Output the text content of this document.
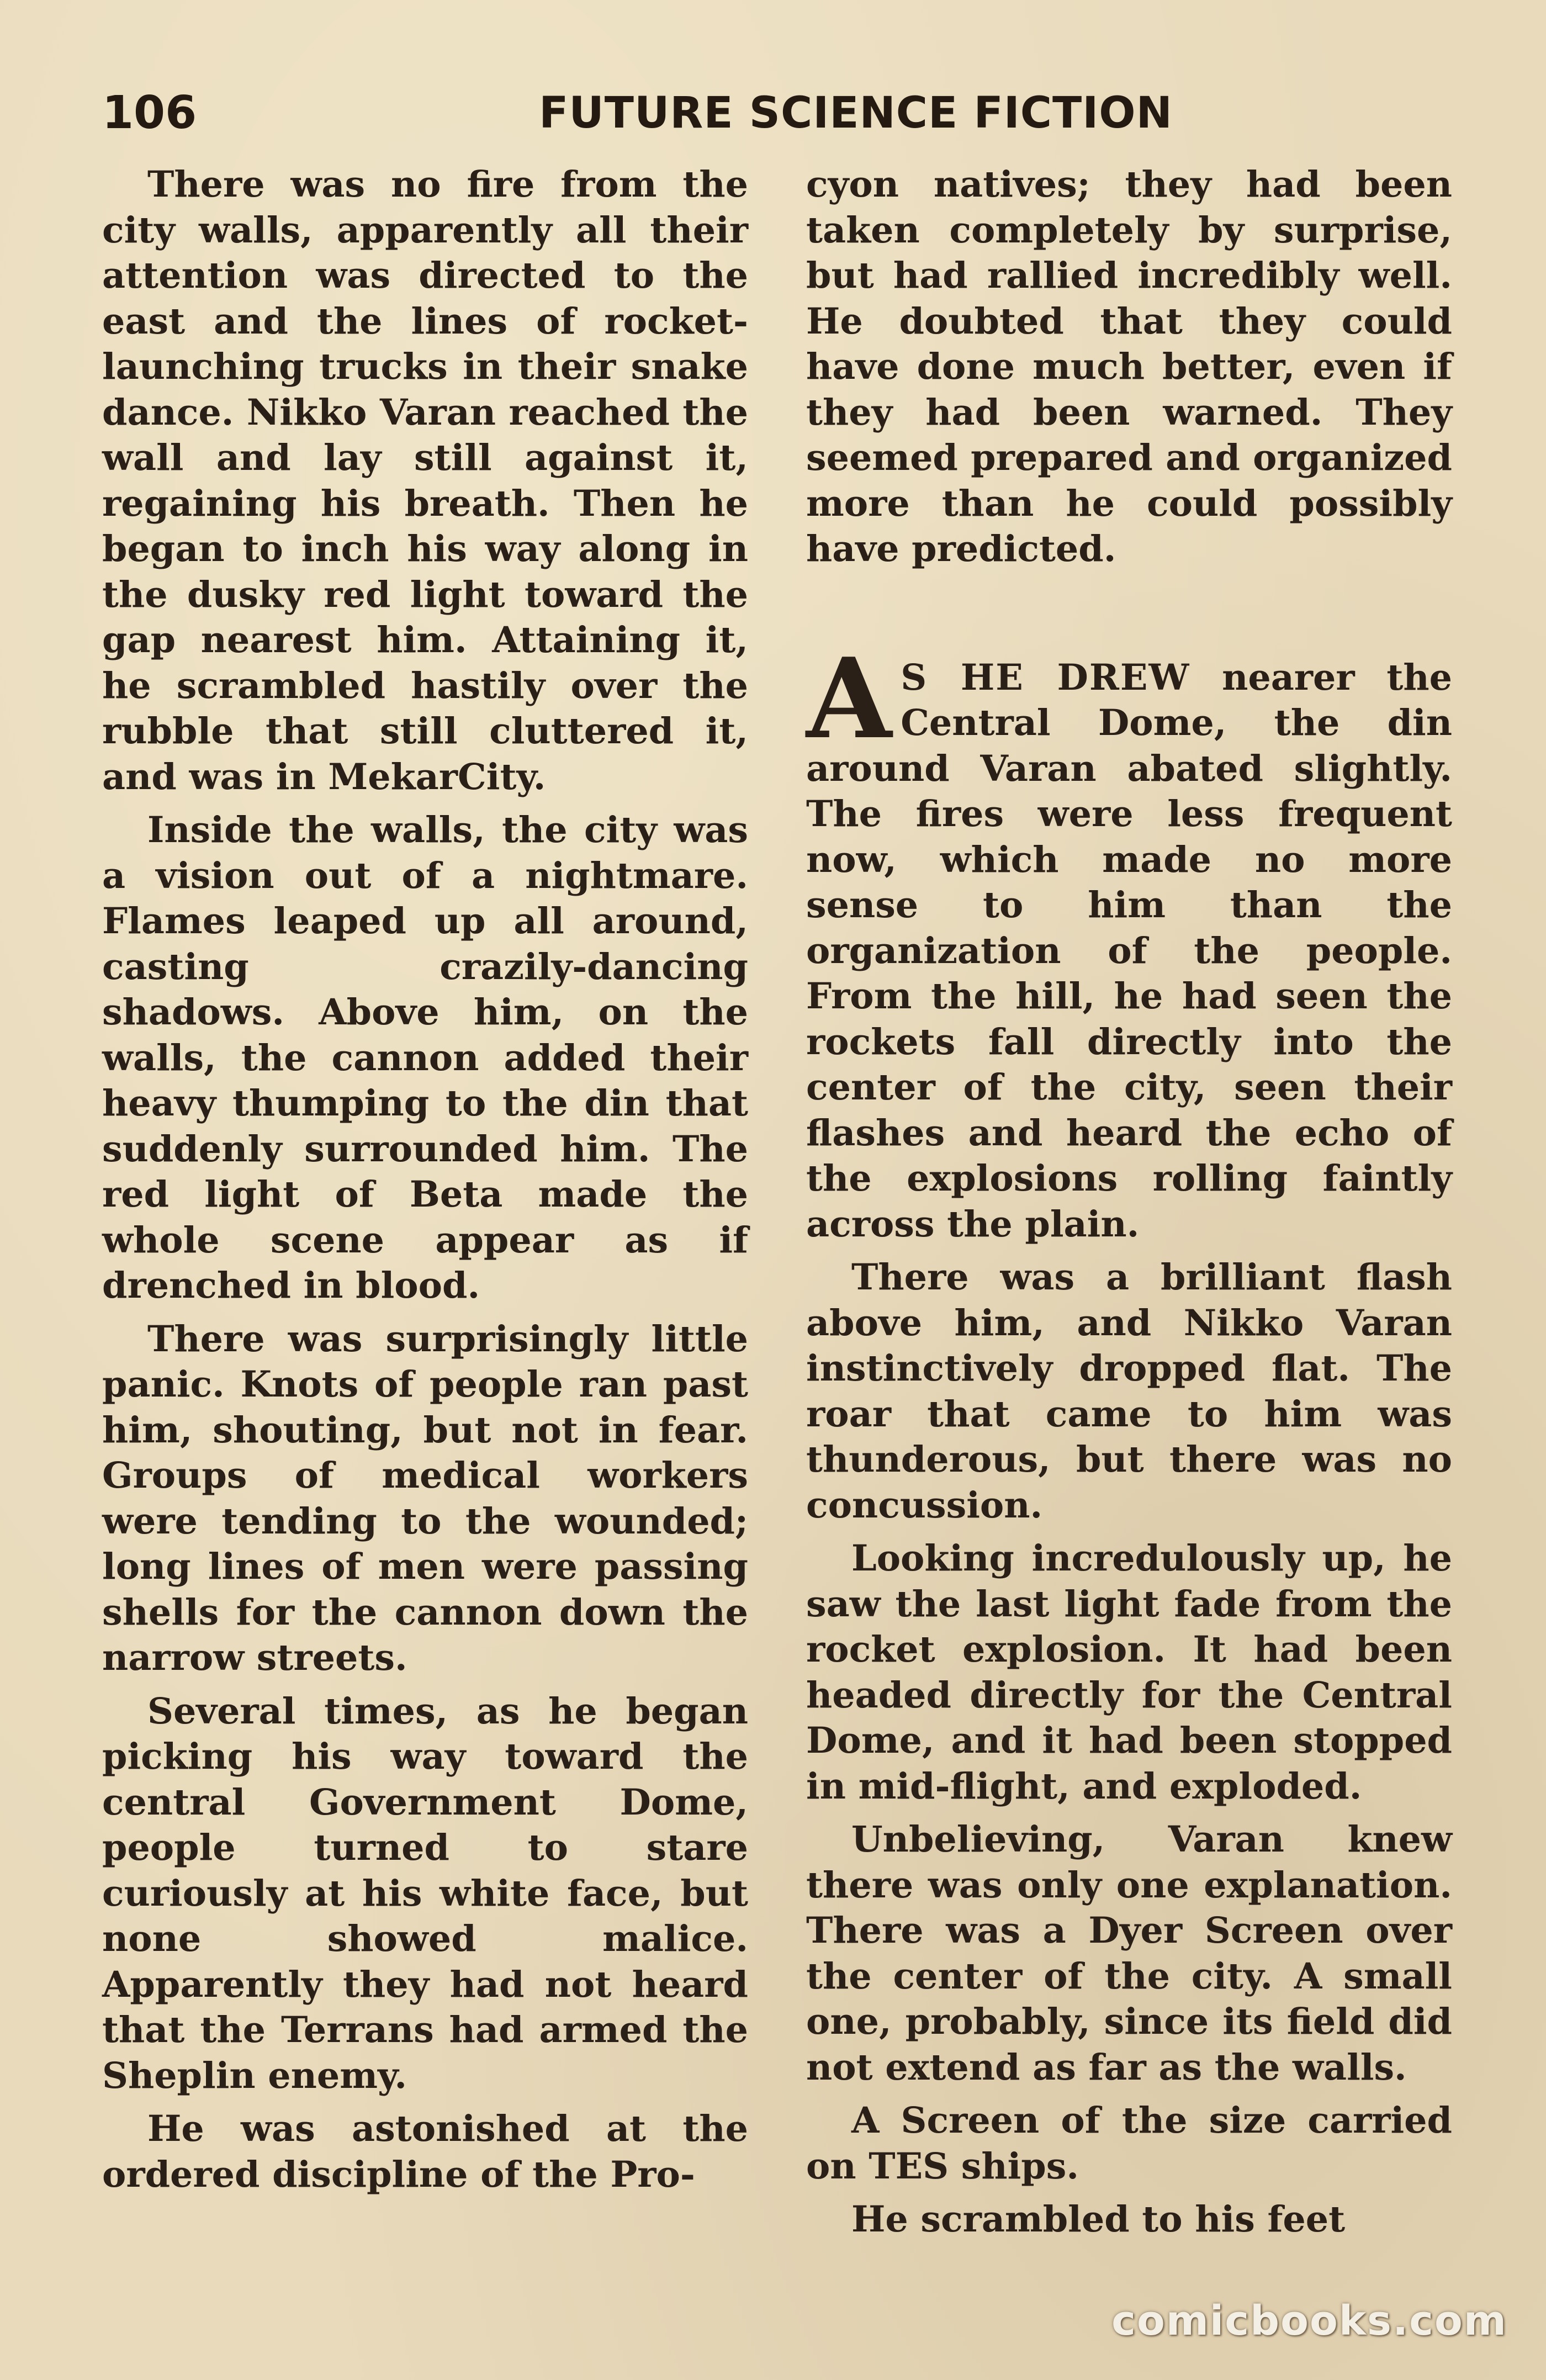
106	FUTURE SCIENCE FICTION

There was no fire from the city walls, apparently all their attention was directed to the east and the lines of rocket-launching trucks in their snake dance. Nikko Varan reached the wall and lay still against it, regaining his breath. Then he began to inch his way along in the dusky red light toward the gap nearest him. Attaining it, he scrambled hastily over the rubble that still cluttered it, and was in MekarCity.

Inside the walls, the city was a vision out of a nightmare. Flames leaped up all around, casting crazily-dancing shadows. Above him, on the walls, the cannon added their heavy thumping to the din that suddenly surrounded him. The red light of Beta made the whole scene appear as if drenched in blood.

There was surprisingly little panic. Knots of people ran past him, shouting, but not in fear. Groups of medical workers were tending to the wounded; long lines of men were passing shells for the cannon down the narrow streets.

Several times, as he began picking his way toward the central Government Dome, people turned to stare curiously at his white face, but none showed malice. Apparently they had not heard that the Terrans had armed the Sheplin enemy.

He was astonished at the ordered discipline of the Pro-

cyon natives; they had been taken completely by surprise, but had rallied incredibly well. He doubted that they could have done much better, even if they had been warned. They seemed prepared and organized more than he could possibly have predicted.

A S HE DREW nearer the Central Dome, the din around Varan abated slightly. The fires were less frequent now, which made no more sense to him than the organization of the people. From the hill, he had seen the rockets fall directly into the center of the city, seen their flashes and heard the echo of the explosions rolling faintly across the plain.

There was a brilliant flash above him, and Nikko Varan instinctively dropped flat. The roar that came to him was thunderous, but there was no concussion.

Looking incredulously up, he saw the last light fade from the rocket explosion. It had been headed directly for the Central Dome, and it had been stopped in mid-flight, and exploded.

Unbelieving, Varan knew there was only one explanation. There was a Dyer Screen over the center of the city. A small one, probably, since its field did not extend as far as the walls.

A Screen of the size carried on TES ships.

He scrambled to his feet

comicbooks.com
